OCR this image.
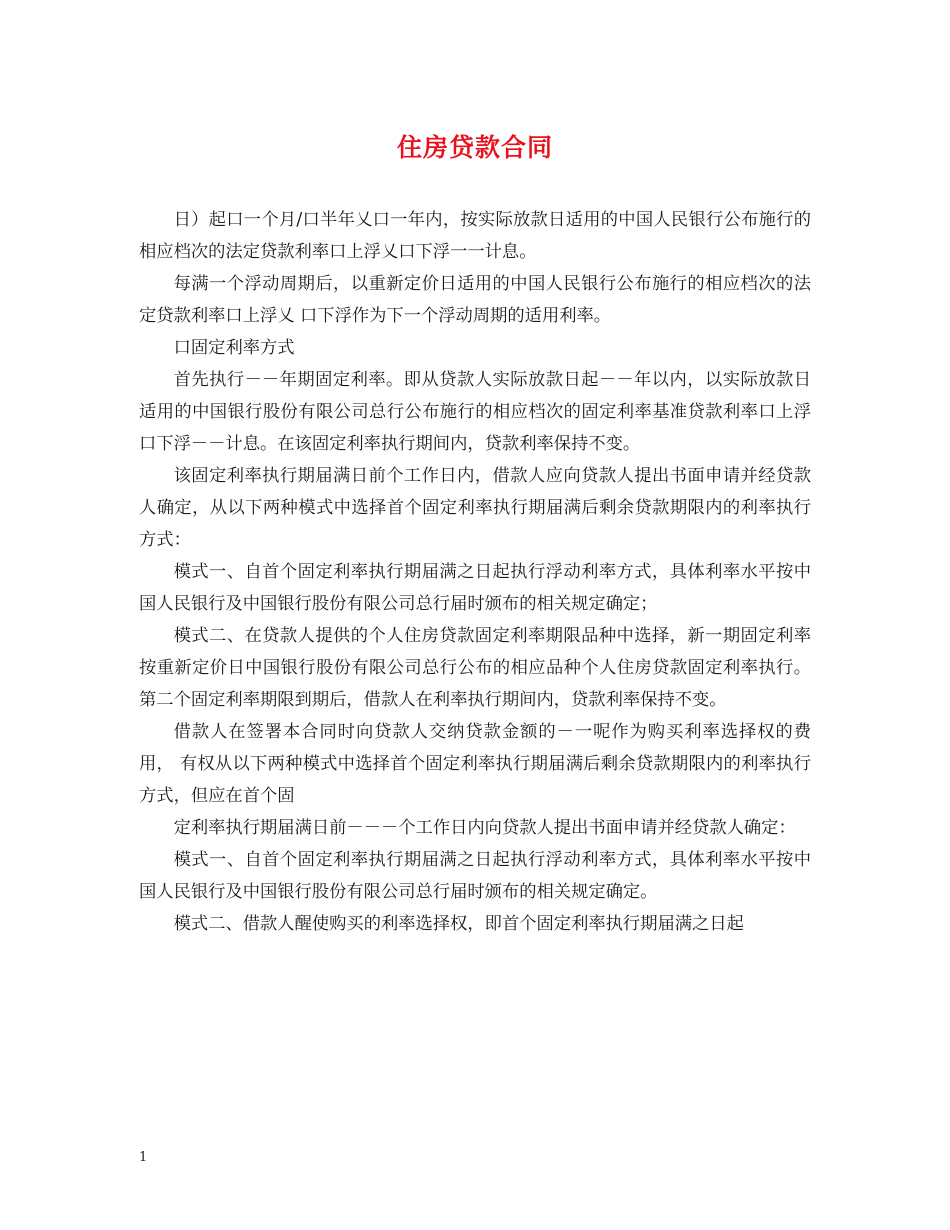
住房贷款合同

日）起口一个月/口半年乂口一年内，按实际放款日适用的中国人民银行公布施行的相应档次的法定贷款利率口上浮乂口下浮一一计息。

每满一个浮动周期后，以重新定价日适用的中国人民银行公布施行的相应档次的法定贷款利率口上浮乂 口下浮作为下一个浮动周期的适用利率。

口固定利率方式

首先执行－－年期固定利率。即从贷款人实际放款日起－－年以内，以实际放款日适用的中国银行股份有限公司总行公布施行的相应档次的固定利率基准贷款利率口上浮口下浮－－计息。在该固定利率执行期间内，贷款利率保持不变。

该固定利率执行期届满日前个工作日内，借款人应向贷款人提出书面申请并经贷款人确定，从以下两种模式中选择首个固定利率执行期届满后剩余贷款期限内的利率执行方式：

模式一、自首个固定利率执行期届满之日起执行浮动利率方式，具体利率水平按中国人民银行及中国银行股份有限公司总行届时颁布的相关规定确定；

模式二、在贷款人提供的个人住房贷款固定利率期限品种中选择，新一期固定利率按重新定价日中国银行股份有限公司总行公布的相应品种个人住房贷款固定利率执行。第二个固定利率期限到期后，借款人在利率执行期间内，贷款利率保持不变。

借款人在签署本合同时向贷款人交纳贷款金额的－一呢作为购买利率选择权的费用， 有权从以下两种模式中选择首个固定利率执行期届满后剩余贷款期限内的利率执行方式，但应在首个固

定利率执行期届满日前－－－个工作日内向贷款人提出书面申请并经贷款人确定：

模式一、自首个固定利率执行期届满之日起执行浮动利率方式，具体利率水平按中国人民银行及中国银行股份有限公司总行届时颁布的相关规定确定。

模式二、借款人醒使购买的利率选择权，即首个固定利率执行期届满之日起

1
